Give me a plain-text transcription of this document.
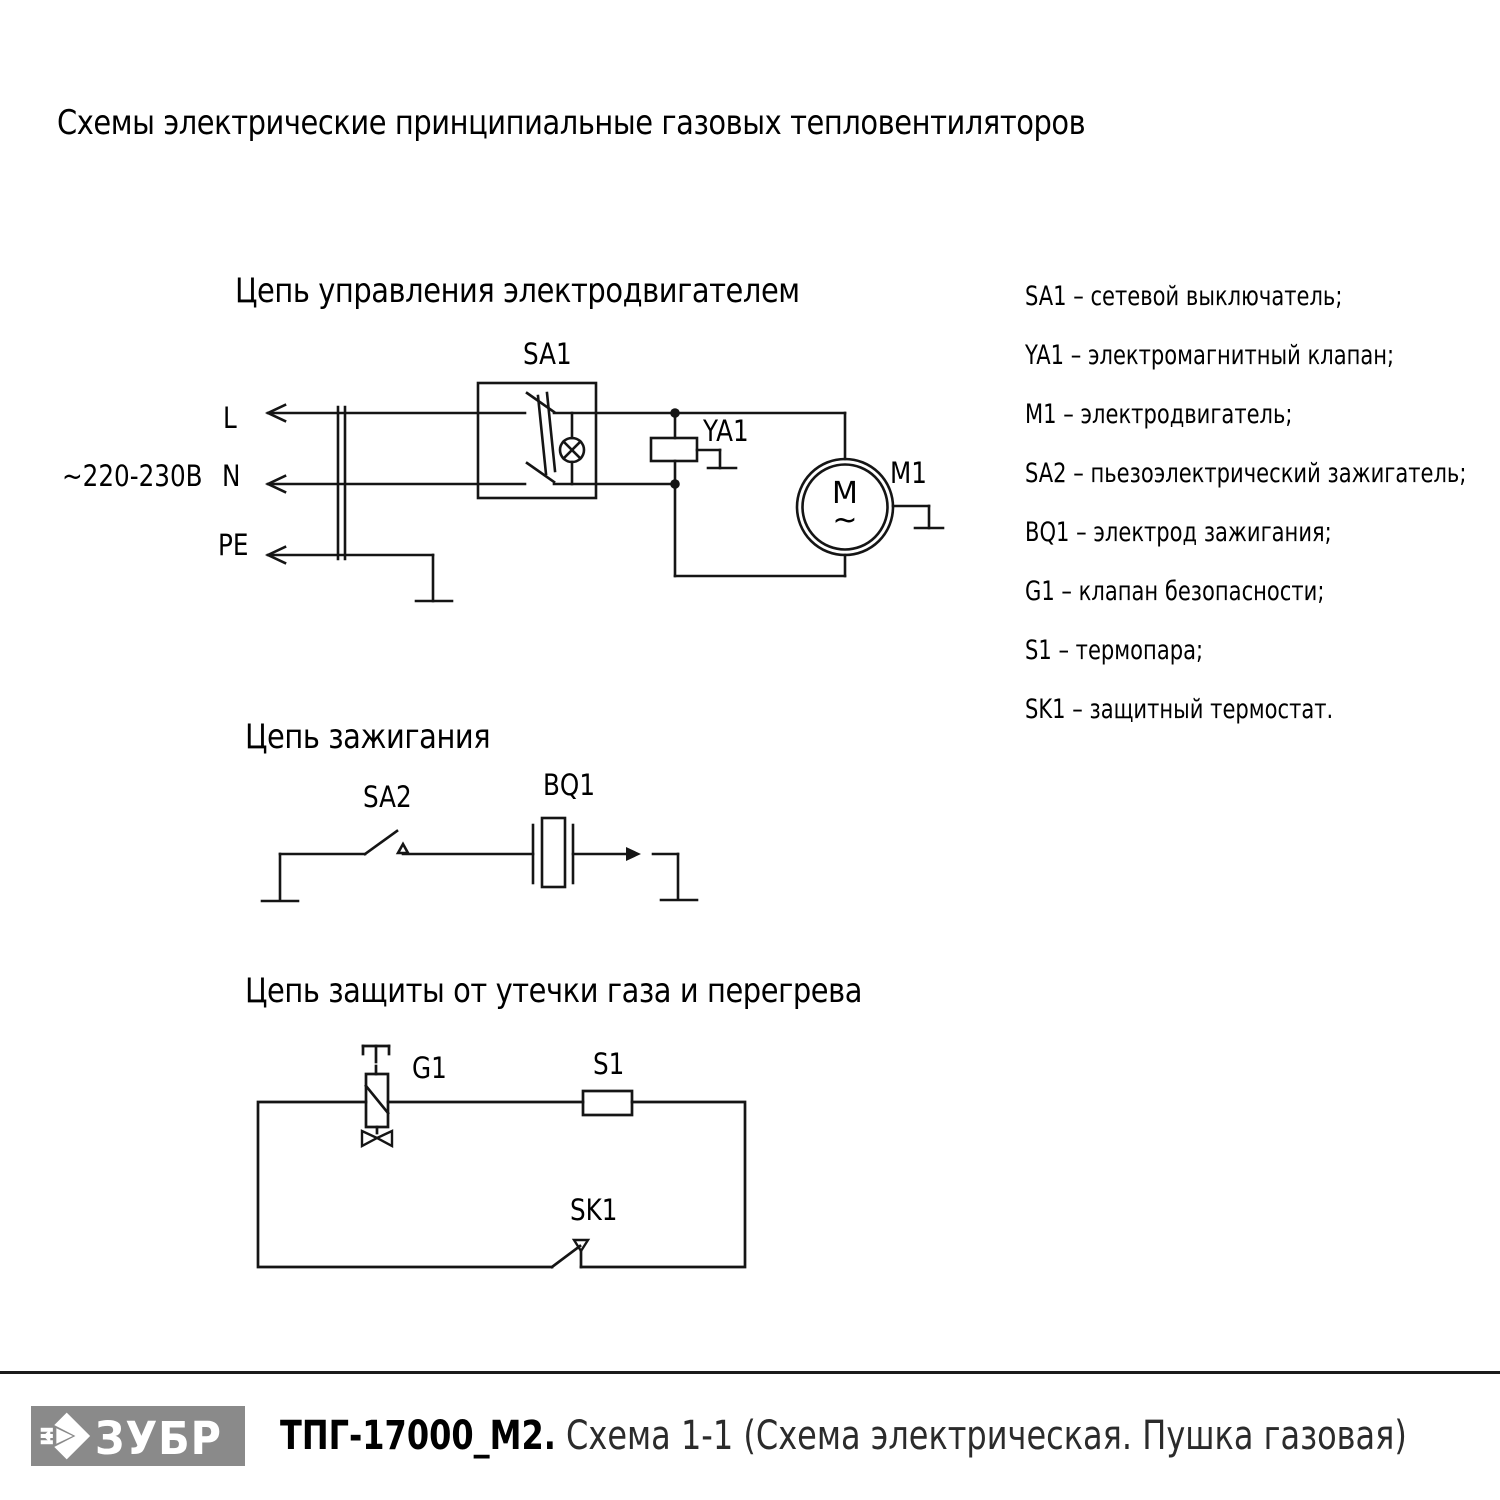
Схемы электрические принципиальные газовых тепловентиляторов
Цепь управления электродвигателем
~220-230В
L
N
PE
SA1
YA1
M1
M
~
SA1 – сетевой выключатель;
YA1 – электромагнитный клапан;
M1 – электродвигатель;
SA2 – пьезоэлектрический зажигатель;
BQ1 – электрод зажигания;
G1 – клапан безопасности;
S1 – термопара;
SK1 – защитный термостат.
Цепь зажигания
SA2	BQ1
Цепь защиты от утечки газа и перегрева
G1	S1
SK1
ЗУБР ТПГ-17000_М2. Схема 1-1 (Схема электрическая. Пушка газовая)
